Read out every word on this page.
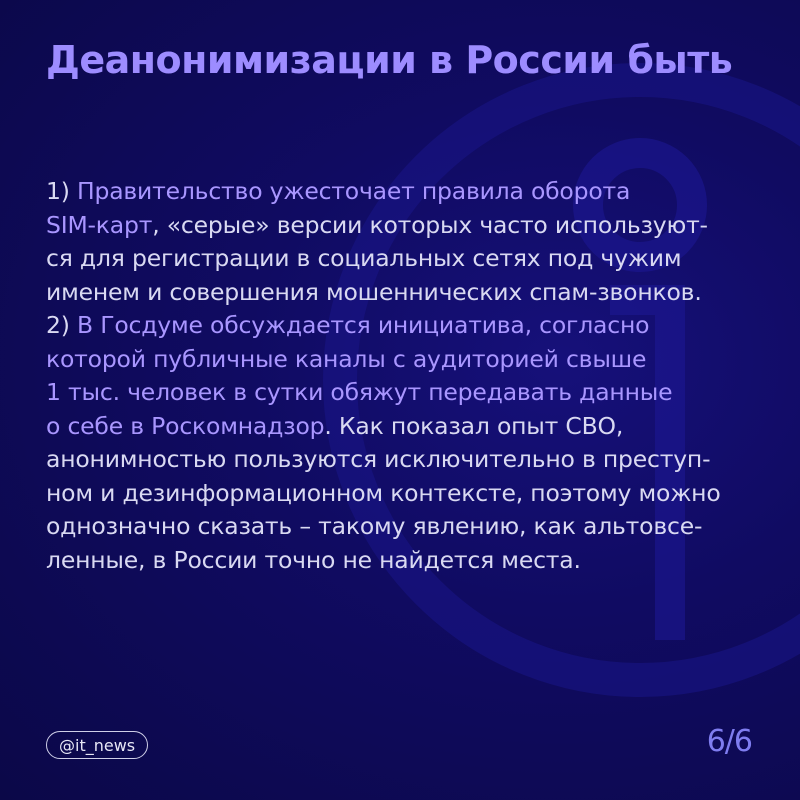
Деанонимизации в России быть

1) Правительство ужесточает правила оборота
SIM-карт, «серые» версии которых часто используют-
ся для регистрации в социальных сетях под чужим
именем и совершения мошеннических спам-звонков.
2) В Госдуме обсуждается инициатива, согласно
которой публичные каналы с аудиторией свыше
1 тыс. человек в сутки обяжут передавать данные
о себе в Роскомнадзор. Как показал опыт СВО,
анонимностью пользуются исключительно в преступ-
ном и дезинформационном контексте, поэтому можно
однозначно сказать – такому явлению, как альтовсе-
ленные, в России точно не найдется места.

@it_news	6/6
